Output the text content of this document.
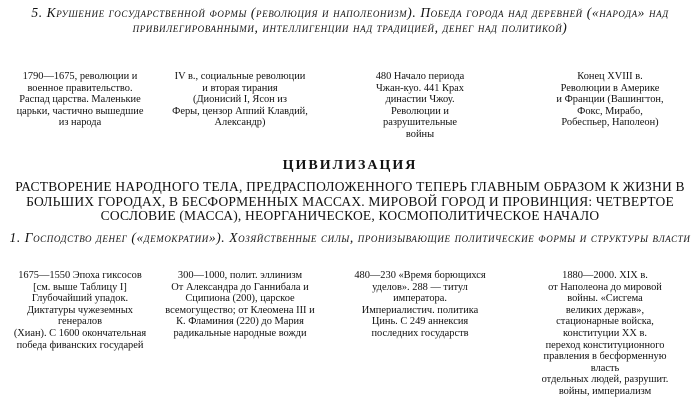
5. Крушение государственной формы (революция и наполеонизм). Победа города над деревней («народа» над привилегированными, интеллигенции над традицией, денег над политикой)
1790—1675, революции и
военное правительство.
Распад царства. Маленькие
царьки, частично вышедшие
из народа
IV в., социальные революции
и вторая тирания
(Дионисий I, Ясон из
Феры, цензор Аппий Клавдий,
Александр)
480 Начало периода
Чжан-куо. 441 Крах
династии Чжоу. Революции и разрушительные
войны
Конец XVIII в.
Революции в Америке
и Франции (Вашингтон,
Фокс, Мирабо,
Робеспьер, Наполеон)
ЦИВИЛИЗАЦИЯ
РАСТВОРЕНИЕ НАРОДНОГО ТЕЛА, ПРЕДРАСПОЛОЖЕННОГО ТЕПЕРЬ ГЛАВНЫМ ОБРАЗОМ К ЖИЗНИ В БОЛЬШИХ ГОРОДАХ, В БЕСФОРМЕННЫХ МАССАХ. МИРОВОЙ ГОРОД И ПРОВИНЦИЯ: ЧЕТВЕРТОЕ СОСЛОВИЕ (МАССА), НЕОРГАНИЧЕСКОЕ, КОСМОПОЛИТИЧЕСКОЕ НАЧАЛО
1. Господство денег («демократии»). Хозяйственные силы, пронизывающие политические формы и структуры власти
1675—1550 Эпоха гиксосов
[см. выше Таблицу I]
Глубочайший упадок. Диктатуры чужеземных генералов
(Хиан). С 1600 окончательная победа фиванских государей
300—1000, полит. эллинизм
От Александра до Ганнибала и
Сципиона (200), царское всемогущество; от Клеомена III и
К. Фламиния (220) до Мария
радикальные народные вожди
480—230 «Время борющихся уделов». 288 — титул императора.
Империалистич. политика
Цинь. С 249 аннексия
последних государств
1880—2000. XIX в.
от Наполеона до мировой
войны. «Сисгема
великих держав»,
стационарные войска,
конституции XX в.
переход конституционного
правления в бесформенную
власть
отдельных людей, разрушит.
войны, империализм
